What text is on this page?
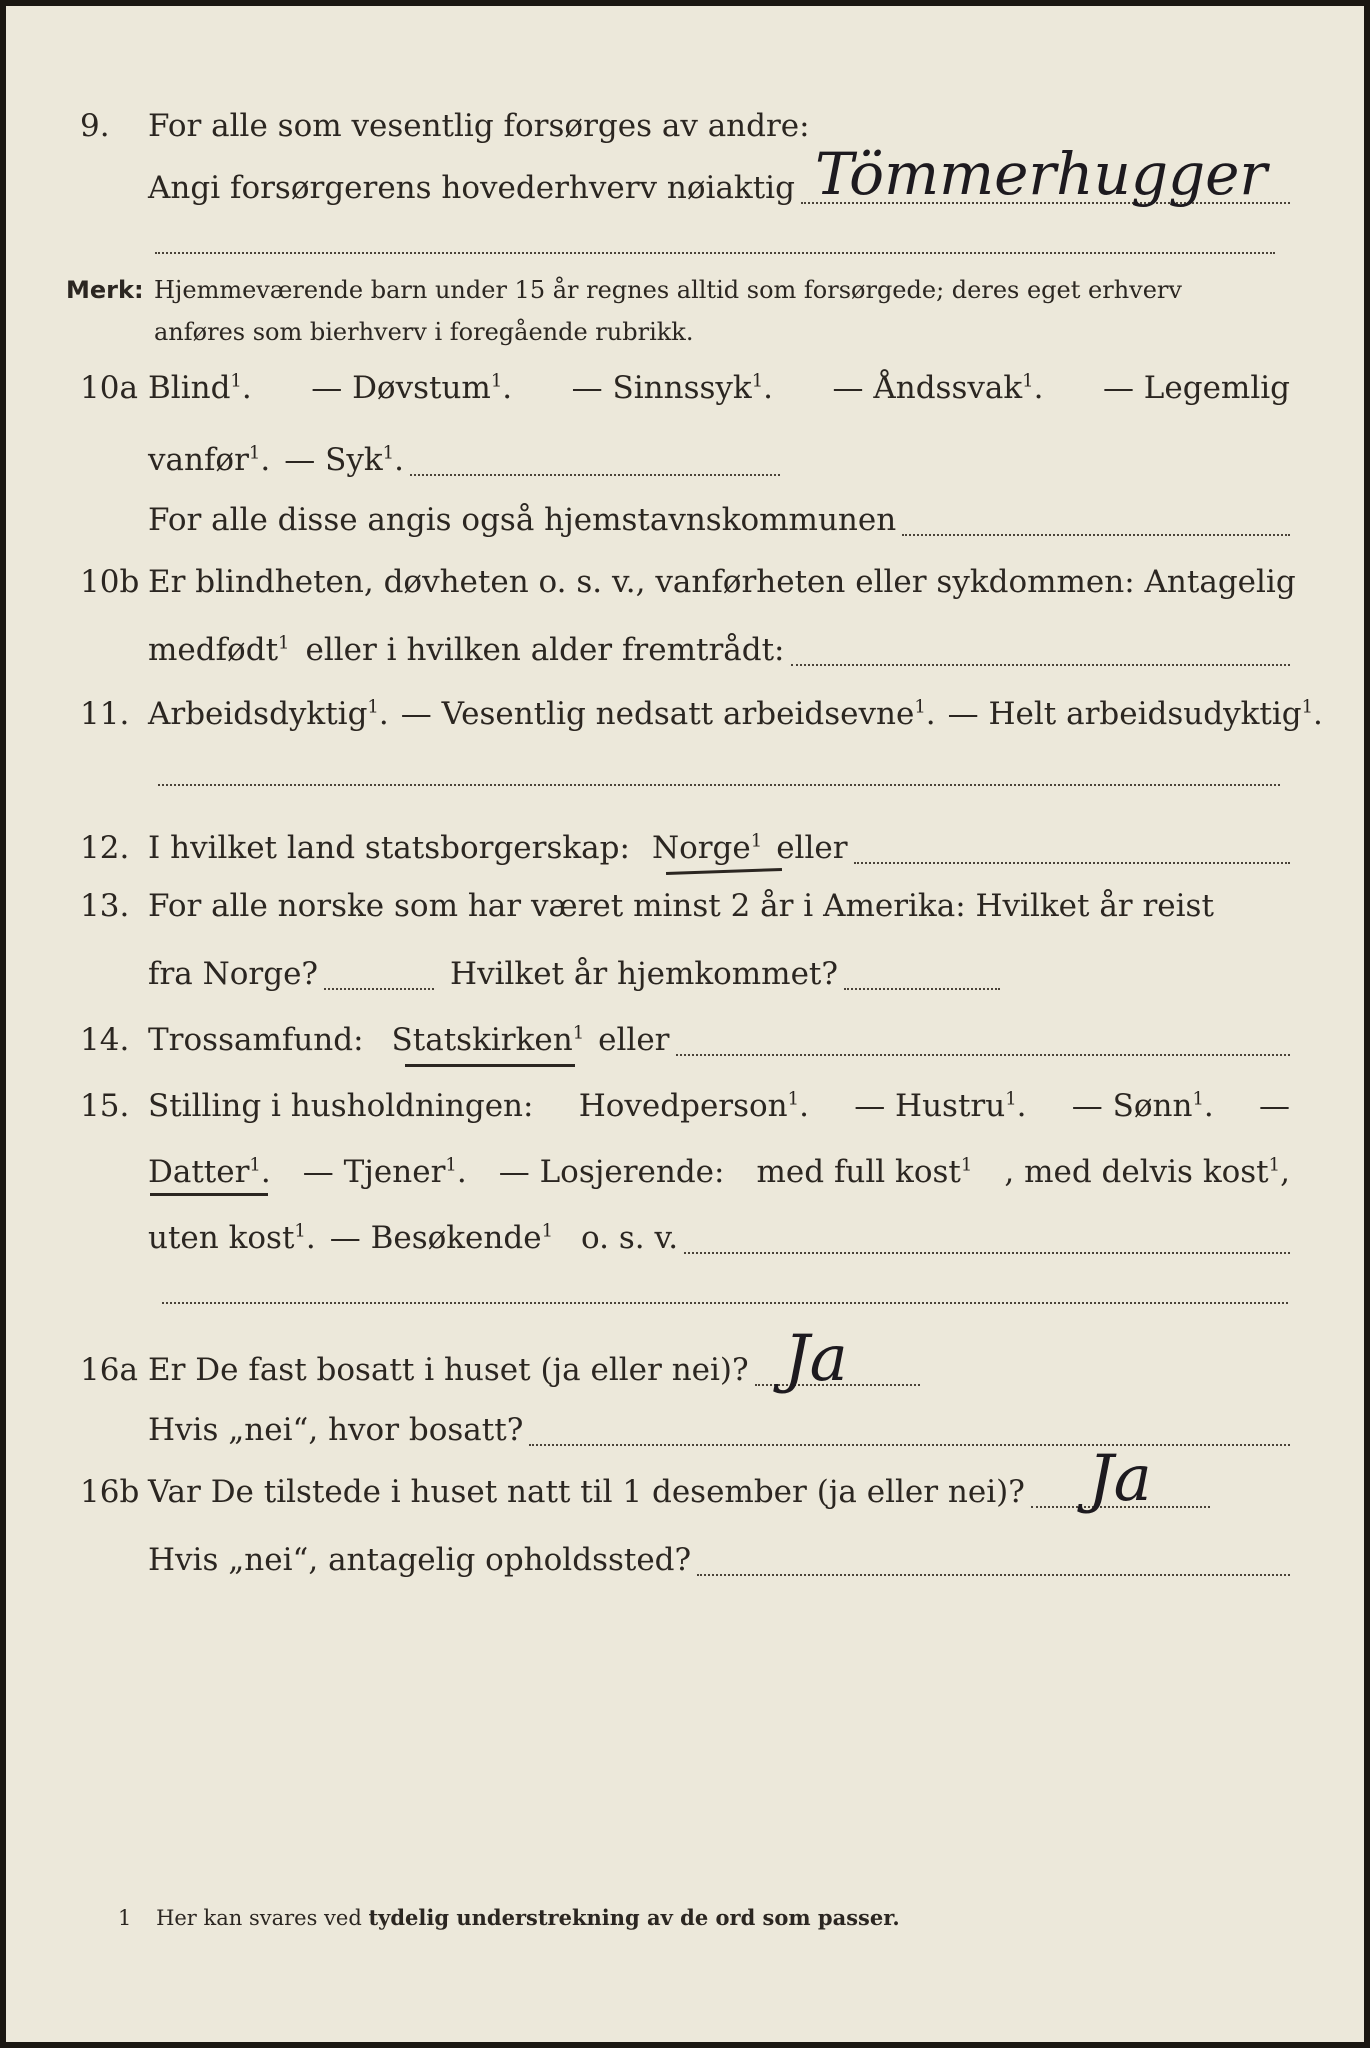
9.	For alle som vesentlig forsørges av andre:
Angi forsørgerens hovederhverv nøiaktig Tömmerhugger
Merk: Hjemmeværende barn under 15 år regnes alltid som forsørgede; deres eget erhverv
anføres som bierhverv i foregående rubrikk.
10a Blind$^1$. — Døvstum$^1$. — Sinnssyk$^1$. — Åndssvak$^1$. — Legemlig
vanfør$^1$. — Syk$^1$.
For alle disse angis også hjemstavnskommunen
10b Er blindheten, døvheten o. s. v., vanførheten eller sykdommen: Antagelig
medfødt$^1$ eller i hvilken alder fremtrådt:
11. Arbeidsdyktig$^1$. — Vesentlig nedsatt arbeidsevne$^1$. — Helt arbeidsudyktig$^1$.
12. I hvilket land statsborgerskap: Norge$^1$ eller
13. For alle norske som har været minst 2 år i Amerika: Hvilket år reist
fra Norge?	Hvilket år hjemkommet?
14. Trossamfund: Statskirken$^1$ eller
15. Stilling i husholdningen: Hovedperson$^1$. — Hustru$^1$. — Sønn$^1$. —
Datter$^1$. — Tjener$^1$. — Losjerende: med full kost$^1$ , med delvis kost$^1$,
uten kost$^1$. — Besøkende$^1$ o. s. v.
16a Er De fast bosatt i huset (ja eller nei)? Ja
Hvis „nei“, hvor bosatt?
16b Var De tilstede i huset natt til 1 desember (ja eller nei)? Ja
Hvis „nei“, antagelig opholdssted?
1 Her kan svares ved tydelig understrekning av de ord som passer.
